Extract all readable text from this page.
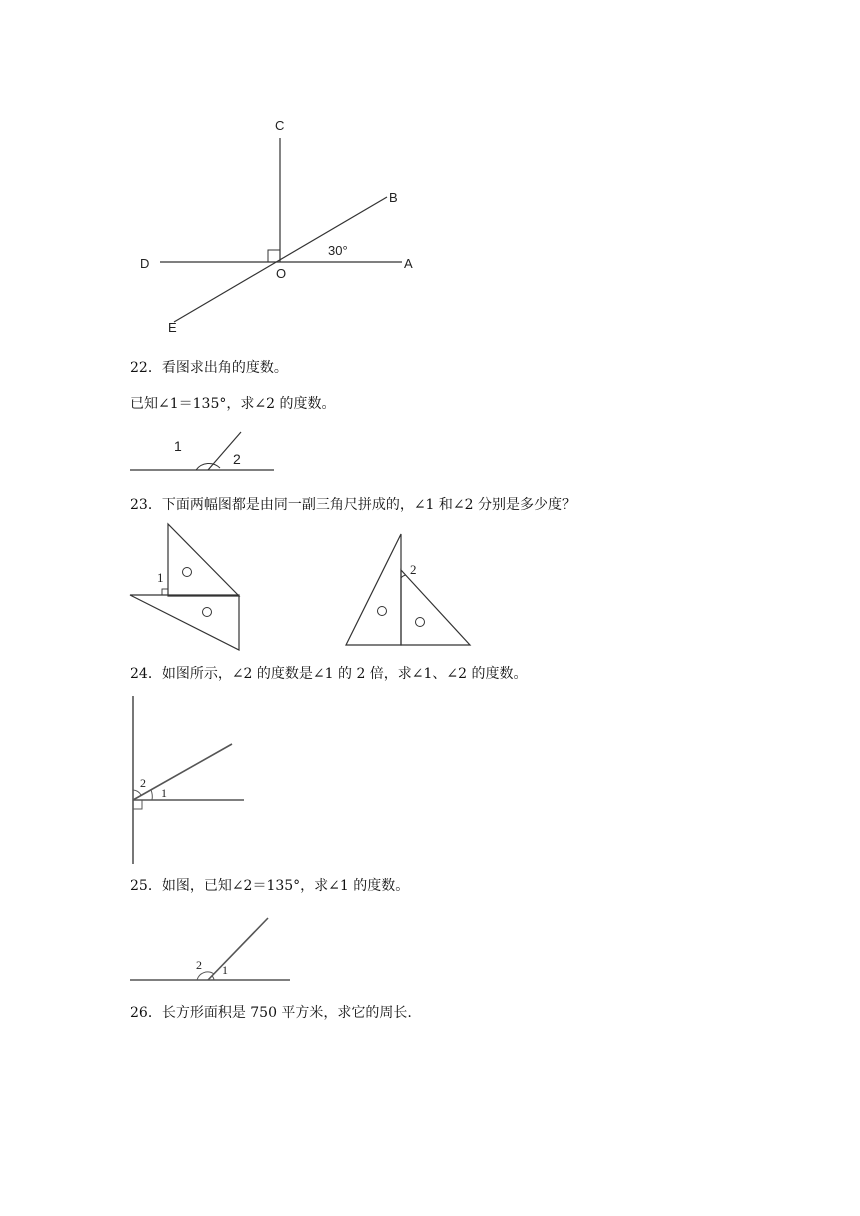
C
B
D
O
A
E
30°
22．看图求出角的度数。
已知∠1＝135°，求∠2 的度数。
1
2
23．下面两幅图都是由同一副三角尺拼成的，∠1 和∠2 分别是多少度？
1
2
24．如图所示，∠2 的度数是∠1 的 2 倍，求∠1、∠2 的度数。
2
1
25．如图，已知∠2＝135°，求∠1 的度数。
2 1
26．长方形面积是 750 平方米，求它的周长.
